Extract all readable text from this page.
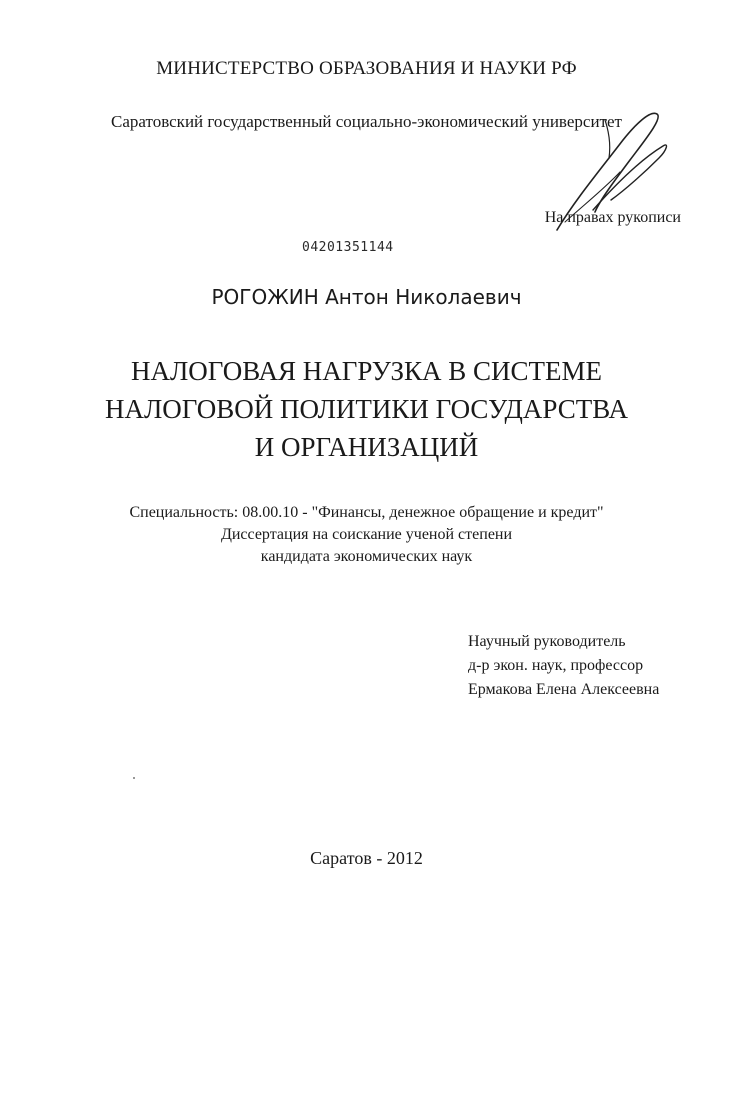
МИНИСТЕРСТВО ОБРАЗОВАНИЯ И НАУКИ РФ

Саратовский государственный социально-экономический университет

На правах рукописи

04201351144

РОГОЖИН Антон Николаевич

НАЛОГОВАЯ НАГРУЗКА В СИСТЕМЕ
НАЛОГОВОЙ ПОЛИТИКИ ГОСУДАРСТВА
И ОРГАНИЗАЦИЙ
Специальность: 08.00.10 - "Финансы, денежное обращение и кредит"
Диссертация на соискание ученой степени
кандидата экономических наук
Научный руководитель
д-р экон. наук, профессор
Ермакова Елена Алексеевна

Саратов - 2012
